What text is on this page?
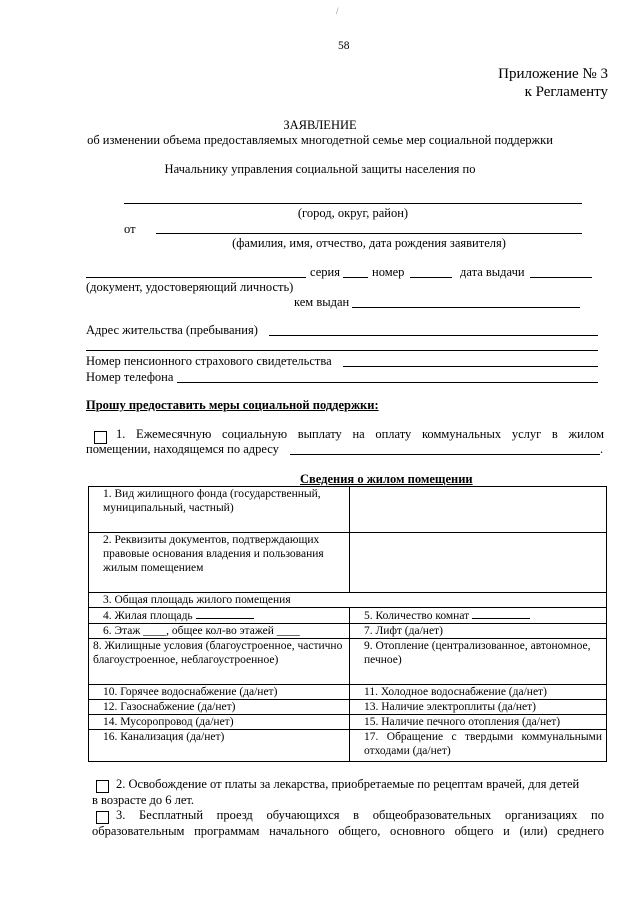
/
58
Приложение № 3
к Регламенту
ЗАЯВЛЕНИЕ
об изменении объема предоставляемых многодетной семье мер социальной поддержки
Начальнику управления социальной защиты населения по
(город, округ, район)
от
(фамилия, имя, отчество, дата рождения заявителя)
серия	номер	дата выдачи
(документ, удостоверяющий личность)
кем выдан
Адрес жительства (пребывания)
Номер пенсионного страхового свидетельства
Номер телефона
Прошу предоставить меры социальной поддержки:
1. Ежемесячную социальную выплату на оплату коммунальных услуг в жилом
помещении, находящемся по адресу	.
Сведения о жилом помещении
1. Вид жилищного фонда (государственный, муниципальный, частный)	
2. Реквизиты документов, подтверждающих правовые основания владения и пользования жилым помещением	
3. Общая площадь жилого помещения	
4. Жилая площадь	5. Количество комнат
6. Этаж ____, общее кол-во этажей ____	7. Лифт (да/нет)
8. Жилищные условия (благоустроенное, частично благоустроенное, неблагоустроенное)	9. Отопление (централизованное, автономное, печное)
10. Горячее водоснабжение (да/нет)	11. Холодное водоснабжение (да/нет)
12. Газоснабжение (да/нет)	13. Наличие электроплиты (да/нет)
14. Мусоропровод (да/нет)	15. Наличие печного отопления (да/нет)
16. Канализация (да/нет)	17. Обращение с твердыми коммунальными отходами (да/нет)
2. Освобождение от платы за лекарства, приобретаемые по рецептам врачей, для детей
в возрасте до 6 лет.
3. Бесплатный проезд обучающихся в общеобразовательных организациях по
образовательным программам начального общего, основного общего и (или) среднего
